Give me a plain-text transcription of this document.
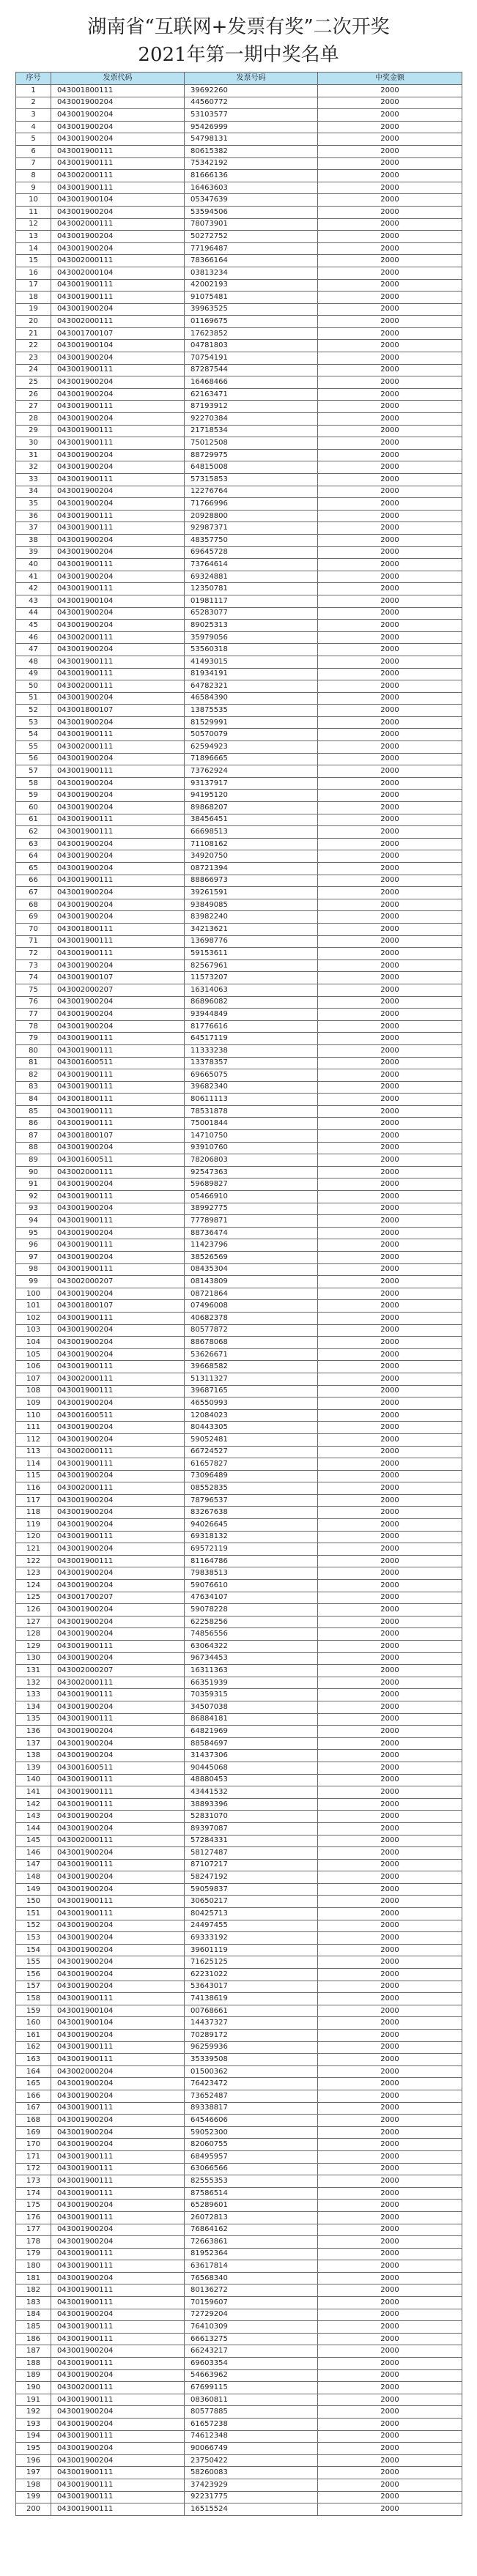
湖南省“互联网+发票有奖”二次开奖
2021年第一期中奖名单
序号	发票代码	发票号码	中奖金额
1	043001800111	39692260	2000
2	043001900204	44560772	2000
3	043001900204	53103577	2000
4	043001900204	95426999	2000
5	043001900204	54798131	2000
6	043001900111	80615382	2000
7	043001900111	75342192	2000
8	043002000111	81666136	2000
9	043001900111	16463603	2000
10	043001900104	05347639	2000
11	043001900204	53594506	2000
12	043002000111	78073901	2000
13	043001900204	50272752	2000
14	043001900204	77196487	2000
15	043002000111	78366164	2000
16	043002000104	03813234	2000
17	043001900111	42002193	2000
18	043001900111	91075481	2000
19	043001900204	39963525	2000
20	043002000111	01169675	2000
21	043001700107	17623852	2000
22	043001900104	04781803	2000
23	043001900204	70754191	2000
24	043001900111	87287544	2000
25	043001900204	16468466	2000
26	043001900204	62163471	2000
27	043001900111	87193912	2000
28	043001900204	92270384	2000
29	043001900111	21718534	2000
30	043001900111	75012508	2000
31	043001900204	88729975	2000
32	043001900204	64815008	2000
33	043001900111	57315853	2000
34	043001900204	12276764	2000
35	043001900204	71766996	2000
36	043001900111	20928800	2000
37	043001900111	92987371	2000
38	043001900204	48357750	2000
39	043001900204	69645728	2000
40	043001900111	73764614	2000
41	043001900204	69324881	2000
42	043001900111	12350781	2000
43	043001900104	01981117	2000
44	043001900204	65283077	2000
45	043001900204	89025313	2000
46	043002000111	35979056	2000
47	043001900204	53560318	2000
48	043001900111	41493015	2000
49	043001900111	81934191	2000
50	043002000111	64782321	2000
51	043001900204	46584390	2000
52	043001800107	13875535	2000
53	043001900204	81529991	2000
54	043001900111	50570079	2000
55	043002000111	62594923	2000
56	043001900204	71896665	2000
57	043001900111	73762924	2000
58	043001900204	93137917	2000
59	043001900204	94195120	2000
60	043001900204	89868207	2000
61	043001900111	38456451	2000
62	043001900111	66698513	2000
63	043001900204	71108162	2000
64	043001900204	34920750	2000
65	043001900204	08721394	2000
66	043001900111	88866973	2000
67	043001900204	39261591	2000
68	043001900204	93849085	2000
69	043001900204	83982240	2000
70	043001800111	34213621	2000
71	043001900111	13698776	2000
72	043001900111	59153611	2000
73	043001900204	82567961	2000
74	043001900107	11573207	2000
75	043002000207	16314063	2000
76	043001900204	86896082	2000
77	043001900204	93944849	2000
78	043001900204	81776616	2000
79	043001900111	64517119	2000
80	043001900111	11333238	2000
81	043001600511	13378357	2000
82	043001900111	69665075	2000
83	043001900111	39682340	2000
84	043001800111	80611113	2000
85	043001900111	78531878	2000
86	043001900111	75001844	2000
87	043001800107	14710750	2000
88	043001900204	93910760	2000
89	043001600511	78206803	2000
90	043002000111	92547363	2000
91	043001900204	59689827	2000
92	043001900111	05466910	2000
93	043001900204	38992775	2000
94	043001900111	77789871	2000
95	043001900204	88736474	2000
96	043001900111	11423796	2000
97	043001900204	38526569	2000
98	043001900111	08435304	2000
99	043002000207	08143809	2000
100	043001900204	08721864	2000
101	043001800107	07496008	2000
102	043001900111	40682378	2000
103	043001900204	80577872	2000
104	043001900204	88678068	2000
105	043001900204	53626671	2000
106	043001900111	39668582	2000
107	043002000111	51311327	2000
108	043001900111	39687165	2000
109	043001900204	46550993	2000
110	043001600511	12084023	2000
111	043001900204	80443305	2000
112	043001900204	59052481	2000
113	043002000111	66724527	2000
114	043001900111	61657827	2000
115	043001900204	73096489	2000
116	043002000111	08552835	2000
117	043001900204	78796537	2000
118	043001900204	83267638	2000
119	043001900204	94026645	2000
120	043001900111	69318132	2000
121	043001900204	69572119	2000
122	043001900111	81164786	2000
123	043001900204	79838513	2000
124	043001900204	59076610	2000
125	043001700207	47634107	2000
126	043001900204	59078228	2000
127	043001900204	62258256	2000
128	043001900204	74856556	2000
129	043001900111	63064322	2000
130	043001900204	96734453	2000
131	043002000207	16311363	2000
132	043002000111	66351939	2000
133	043001900111	70359315	2000
134	043001900204	34507038	2000
135	043001900111	86884181	2000
136	043001900204	64821969	2000
137	043001900204	88584697	2000
138	043001900204	31437306	2000
139	043001600511	90445068	2000
140	043001900111	48880453	2000
141	043001900111	43441532	2000
142	043001900111	38893396	2000
143	043001900204	52831070	2000
144	043001900204	89397087	2000
145	043002000111	57284331	2000
146	043001900204	58127487	2000
147	043001900111	87107217	2000
148	043001900204	58247192	2000
149	043001900204	59059837	2000
150	043001900111	30650217	2000
151	043001900111	80425713	2000
152	043001900204	24497455	2000
153	043001900204	69333192	2000
154	043001900204	39601119	2000
155	043001900204	71625125	2000
156	043001900204	62231022	2000
157	043001900204	53643017	2000
158	043001900111	74138619	2000
159	043001900104	00768661	2000
160	043001900104	14437327	2000
161	043001900204	70289172	2000
162	043001900111	96259936	2000
163	043001900111	35339508	2000
164	043002000204	01500362	2000
165	043001900204	76423472	2000
166	043001900204	73652487	2000
167	043001900111	89338817	2000
168	043001900204	64546606	2000
169	043001900204	59052300	2000
170	043001900204	82060755	2000
171	043001900111	68495957	2000
172	043001900111	63066566	2000
173	043001900111	82555353	2000
174	043001900111	87586514	2000
175	043001900204	65289601	2000
176	043001900111	26072813	2000
177	043001900204	76864162	2000
178	043001900204	72663861	2000
179	043001900111	81952364	2000
180	043001900111	63617814	2000
181	043001900204	76568340	2000
182	043001900111	80136272	2000
183	043001900111	70159607	2000
184	043001900204	72729204	2000
185	043001900111	76410309	2000
186	043001900111	66613275	2000
187	043001900204	66243217	2000
188	043001900111	69603354	2000
189	043001900204	54663962	2000
190	043002000111	67699115	2000
191	043001900111	08360811	2000
192	043001900204	80577885	2000
193	043001900204	61657238	2000
194	043001900111	74612348	2000
195	043001900204	90066749	2000
196	043001900204	23750422	2000
197	043001900111	58260083	2000
198	043001900111	37423929	2000
199	043001900111	92231775	2000
200	043001900111	16515524	2000
